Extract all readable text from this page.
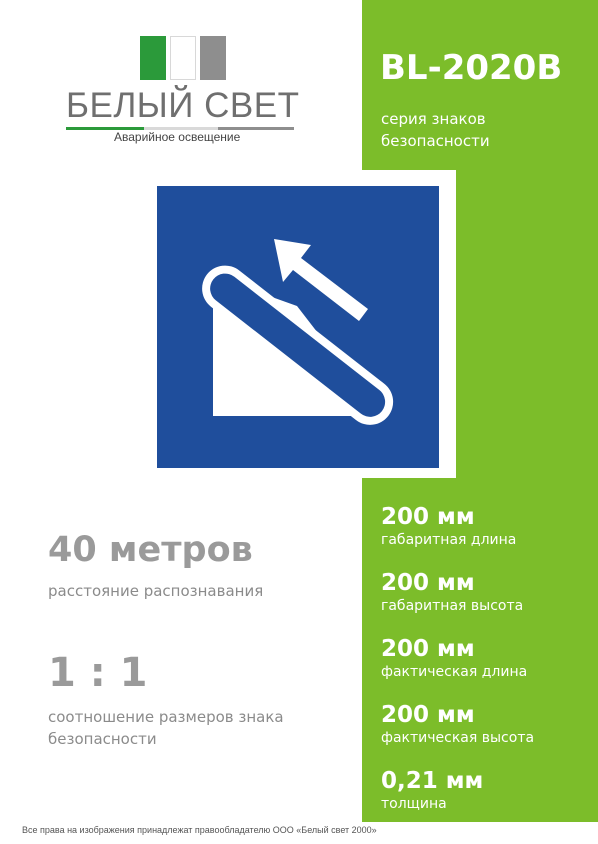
БЕЛЫЙ СВЕТ
Аварийное освещение
BL-2020B
серия знаков
безопасности
40 метров
расстояние распознавания
1 : 1
соотношение размеров знака
безопасности
200 мм
габаритная длина
200 мм
габаритная высота
200 мм
фактическая длина
200 мм
фактическая высота
0,21 мм
толщина
Все права на изображения принадлежат правообладателю ООО «Белый свет 2000»
